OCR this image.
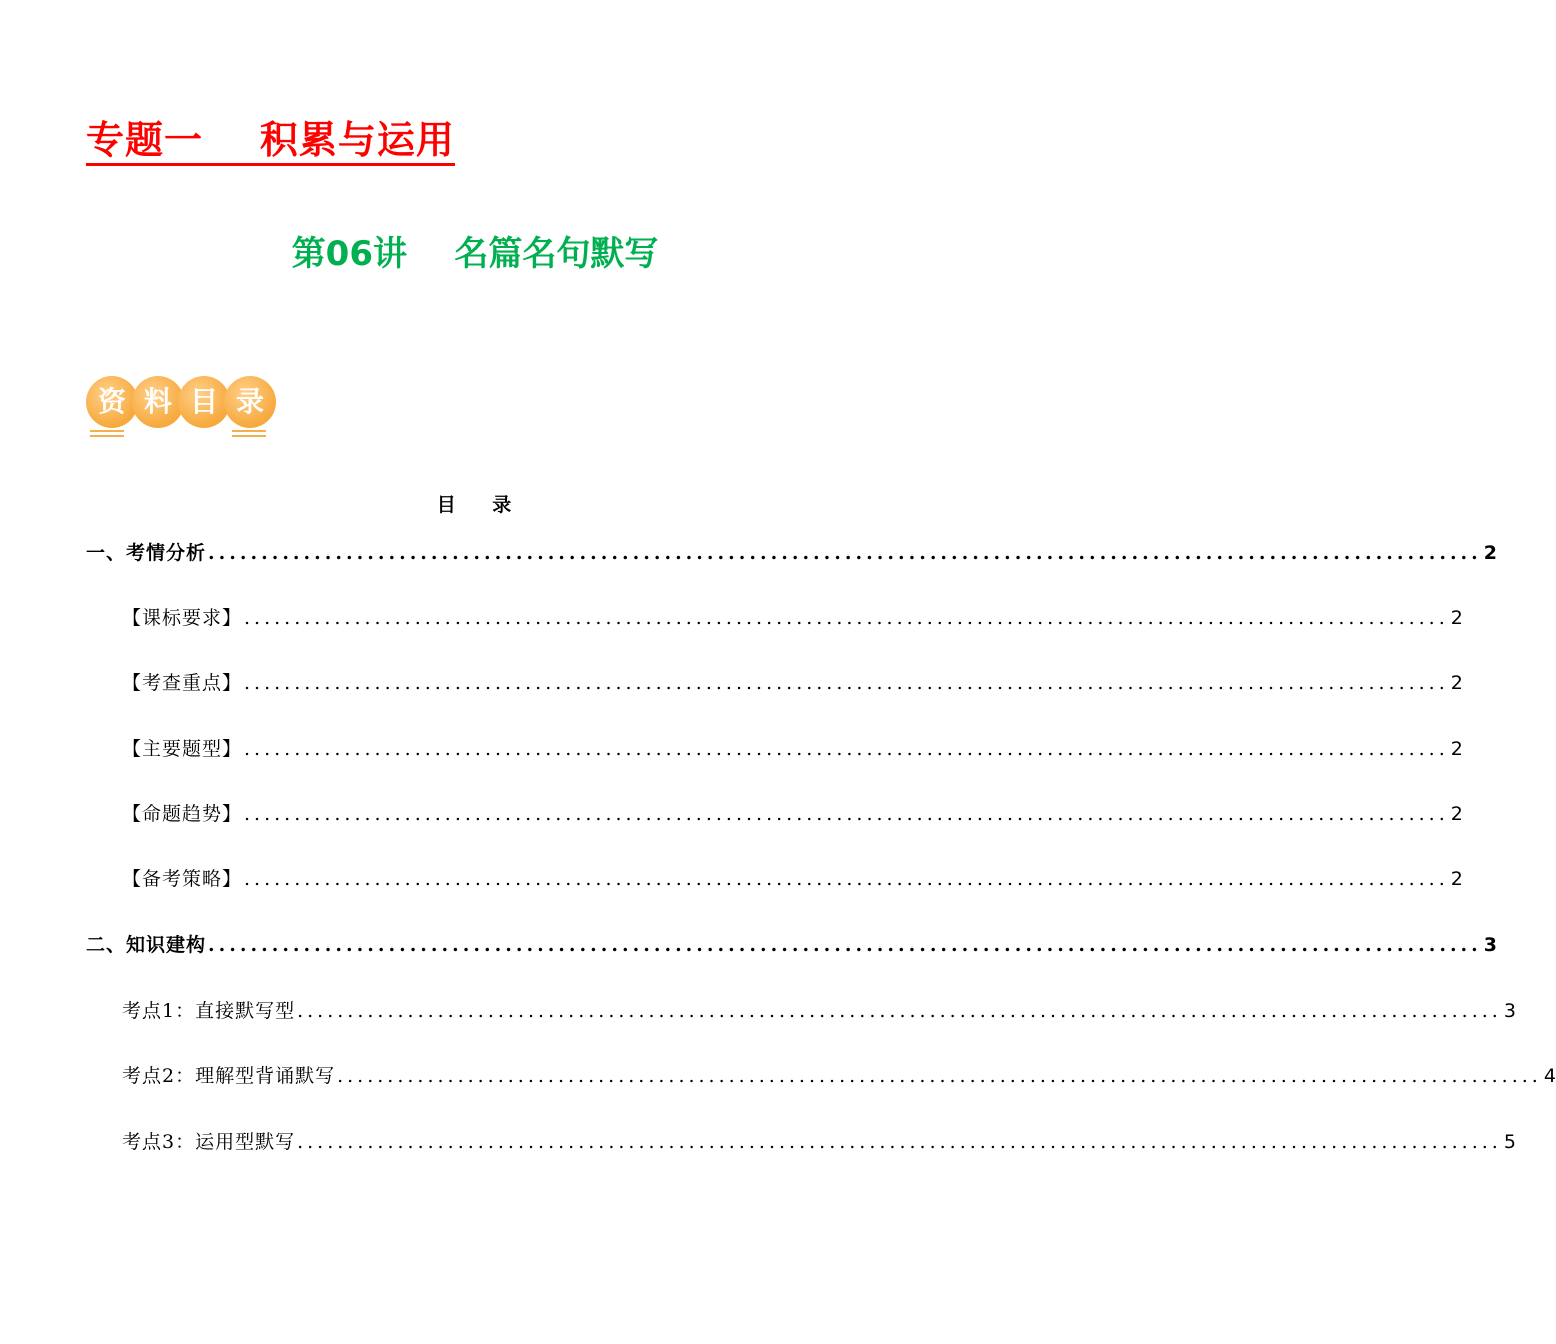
专题一    积累与运用
第06讲    名篇名句默写
资 料 目 录
目    录
一、考情分析 ........................................................................................................................ 2
【课标要求】 ........................................................................................................................ 2
【考查重点】 ........................................................................................................................ 2
【主要题型】 ........................................................................................................................ 2
【命题趋势】 ........................................................................................................................ 2
【备考策略】 ........................................................................................................................ 2
二、知识建构 ........................................................................................................................ 3
考点1：直接默写型 ........................................................................................................................ 3
考点2：理解型背诵默写 ........................................................................................................................ 4
考点3：运用型默写 ........................................................................................................................ 5
